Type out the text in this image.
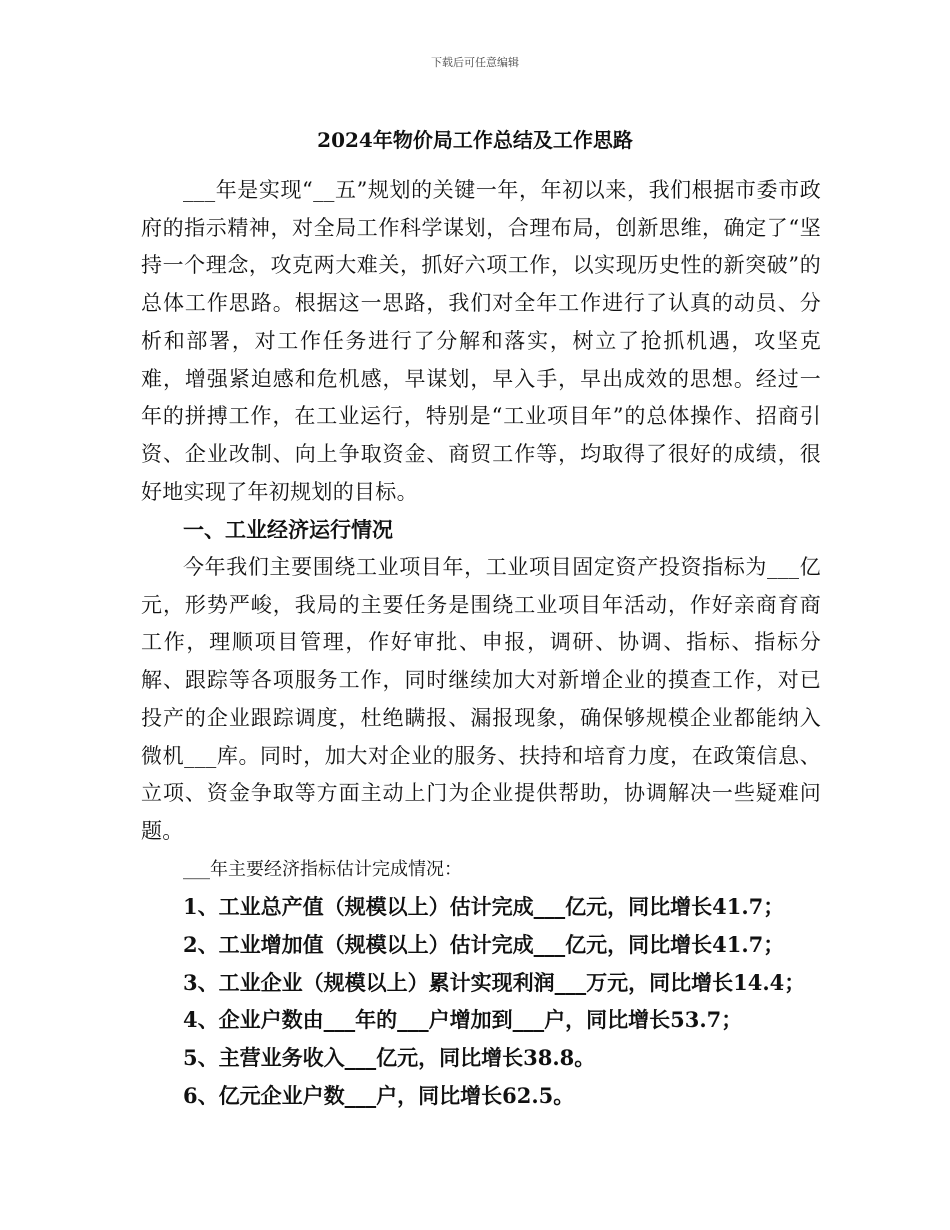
下载后可任意编辑
2024年物价局工作总结及工作思路

___年是实现“__五”规划的关键一年，年初以来，我们根据市委市政府的指示精神，对全局工作科学谋划，合理布局，创新思维，确定了“坚持一个理念，攻克两大难关，抓好六项工作，以实现历史性的新突破”的总体工作思路。根据这一思路，我们对全年工作进行了认真的动员、分析和部署，对工作任务进行了分解和落实，树立了抢抓机遇，攻坚克难，增强紧迫感和危机感，早谋划，早入手，早出成效的思想。经过一年的拼搏工作，在工业运行，特别是“工业项目年”的总体操作、招商引资、企业改制、向上争取资金、商贸工作等，均取得了很好的成绩，很好地实现了年初规划的目标。

一、工业经济运行情况

今年我们主要围绕工业项目年，工业项目固定资产投资指标为___亿元，形势严峻，我局的主要任务是围绕工业项目年活动，作好亲商育商工作，理顺项目管理，作好审批、申报，调研、协调、指标、指标分解、跟踪等各项服务工作，同时继续加大对新增企业的摸查工作，对已投产的企业跟踪调度，杜绝瞒报、漏报现象，确保够规模企业都能纳入微机___库。同时，加大对企业的服务、扶持和培育力度，在政策信息、立项、资金争取等方面主动上门为企业提供帮助，协调解决一些疑难问题。

___年主要经济指标估计完成情况：

1、工业总产值（规模以上）估计完成___亿元，同比增长41.7；
2、工业增加值（规模以上）估计完成___亿元，同比增长41.7；
3、工业企业（规模以上）累计实现利润___万元，同比增长14.4；
4、企业户数由___年的___户增加到___户，同比增长53.7；
5、主营业务收入___亿元，同比增长38.8。
6、亿元企业户数___户，同比增长62.5。
